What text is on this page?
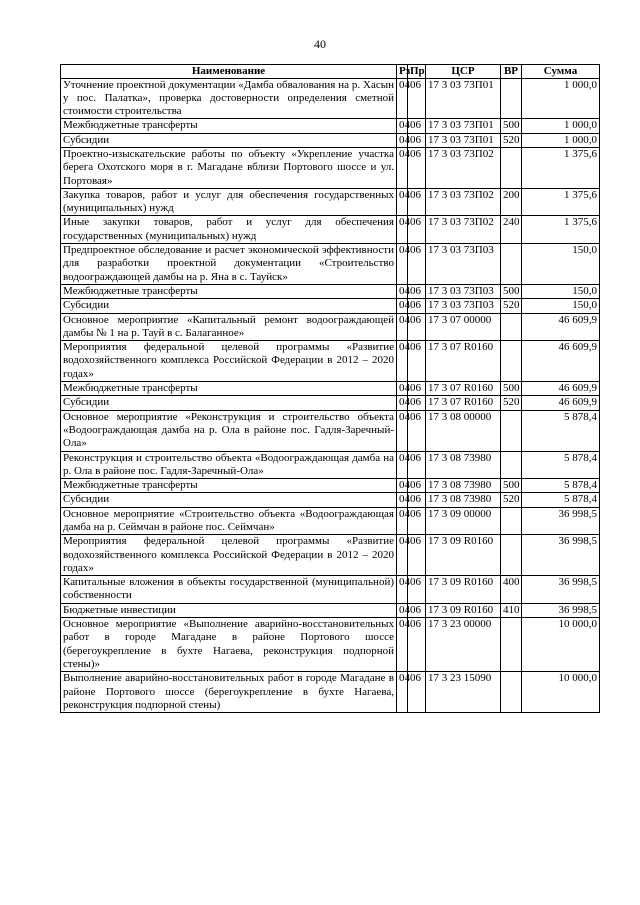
40
Наименование	Рз	Пр	ЦСР	ВР	Сумма
Уточнение проектной документации «Дамба обвалования на р. Хасын у пос. Палатка», проверка достоверности определения сметной стоимости строительства	04	06	17 3 03 73П01		1 000,0
Межбюджетные трансферты	04	06	17 3 03 73П01	500	1 000,0
Субсидии	04	06	17 3 03 73П01	520	1 000,0
Проектно-изыскательские работы по объекту «Укрепление участка берега Охотского моря в г. Магадане вблизи Портового шоссе и ул. Портовая»	04	06	17 3 03 73П02		1 375,6
Закупка товаров, работ и услуг для обеспечения государственных (муниципальных) нужд	04	06	17 3 03 73П02	200	1 375,6
Иные закупки товаров, работ и услуг для обеспечения государственных (муниципальных) нужд	04	06	17 3 03 73П02	240	1 375,6
Предпроектное обследование и расчет экономической эффективности для разработки проектной документации «Строительство водоограждающей дамбы на р. Яна в с. Тауйск»	04	06	17 3 03 73П03		150,0
Межбюджетные трансферты	04	06	17 3 03 73П03	500	150,0
Субсидии	04	06	17 3 03 73П03	520	150,0
Основное мероприятие «Капитальный ремонт водоограждающей дамбы № 1 на р. Тауй в с. Балаганное»	04	06	17 3 07 00000		46 609,9
Мероприятия федеральной целевой программы «Развитие водохозяйственного комплекса Российской Федерации в 2012 – 2020 годах»	04	06	17 3 07 R0160		46 609,9
Межбюджетные трансферты	04	06	17 3 07 R0160	500	46 609,9
Субсидии	04	06	17 3 07 R0160	520	46 609,9
Основное мероприятие «Реконструкция и строительство объекта «Водоограждающая дамба на р. Ола в районе пос. Гадля-Заречный-Ола»	04	06	17 3 08 00000		5 878,4
Реконструкция и строительство объекта «Водоограждающая дамба на р. Ола в районе пос. Гадля-Заречный-Ола»	04	06	17 3 08 73980		5 878,4
Межбюджетные трансферты	04	06	17 3 08 73980	500	5 878,4
Субсидии	04	06	17 3 08 73980	520	5 878,4
Основное мероприятие «Строительство объекта «Водоограждающая дамба на р. Сеймчан в районе пос. Сеймчан»	04	06	17 3 09 00000		36 998,5
Мероприятия федеральной целевой программы «Развитие водохозяйственного комплекса Российской Федерации в 2012 – 2020 годах»	04	06	17 3 09 R0160		36 998,5
Капитальные вложения в объекты государственной (муниципальной) собственности	04	06	17 3 09 R0160	400	36 998,5
Бюджетные инвестиции	04	06	17 3 09 R0160	410	36 998,5
Основное мероприятие «Выполнение аварийно-восстановительных работ в городе Магадане в районе Портового шоссе (берегоукрепление в бухте Нагаева, реконструкция подпорной стены)»	04	06	17 3 23 00000		10 000,0
Выполнение аварийно-восстановительных работ в городе Магадане в районе Портового шоссе (берегоукрепление в бухте Нагаева, реконструкция подпорной стены)	04	06	17 3 23 15090		10 000,0
